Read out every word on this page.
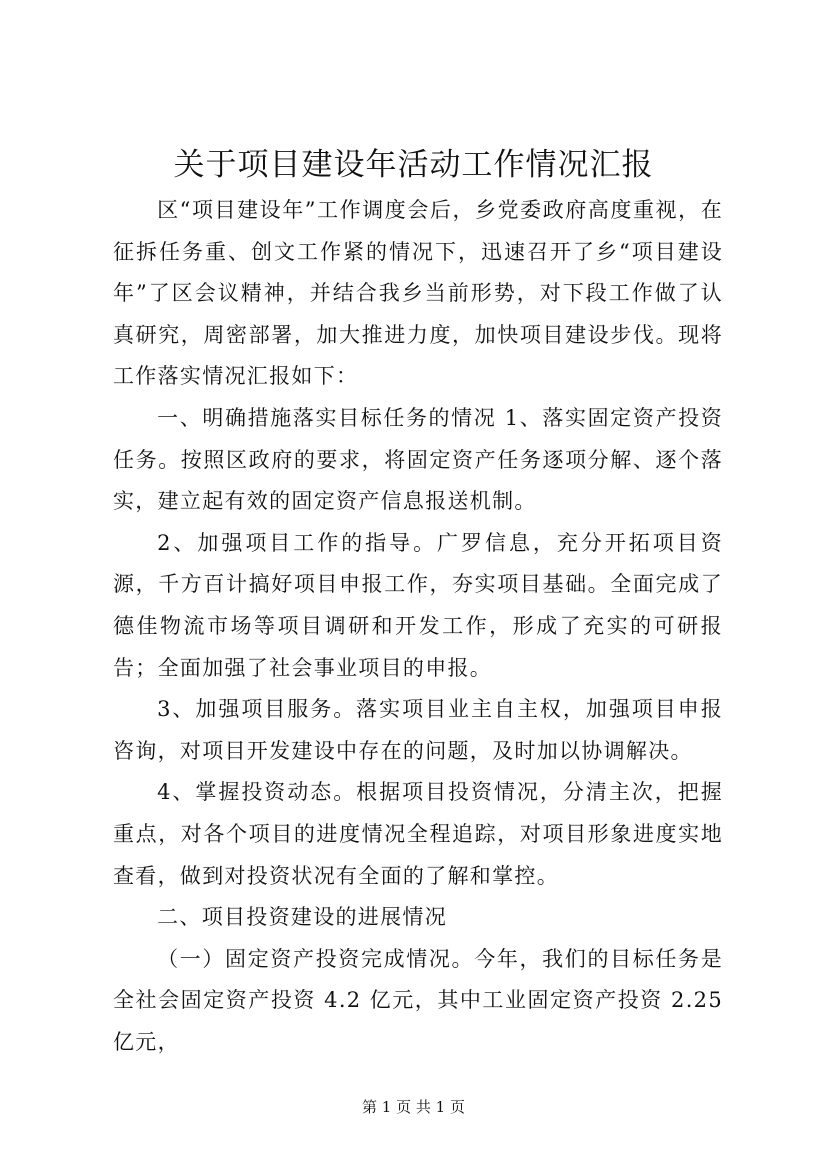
关于项目建设年活动工作情况汇报

区“项目建设年”工作调度会后，乡党委政府高度重视，在征拆任务重、创文工作紧的情况下，迅速召开了乡“项目建设年”了区会议精神，并结合我乡当前形势，对下段工作做了认真研究，周密部署，加大推进力度，加快项目建设步伐。现将工作落实情况汇报如下：

一、明确措施落实目标任务的情况 1、落实固定资产投资任务。按照区政府的要求，将固定资产任务逐项分解、逐个落实，建立起有效的固定资产信息报送机制。

2、加强项目工作的指导。广罗信息，充分开拓项目资源，千方百计搞好项目申报工作，夯实项目基础。全面完成了德佳物流市场等项目调研和开发工作，形成了充实的可研报告；全面加强了社会事业项目的申报。

3、加强项目服务。落实项目业主自主权，加强项目申报咨询，对项目开发建设中存在的问题，及时加以协调解决。

4、掌握投资动态。根据项目投资情况，分清主次，把握重点，对各个项目的进度情况全程追踪，对项目形象进度实地查看，做到对投资状况有全面的了解和掌控。

二、项目投资建设的进展情况

（一）固定资产投资完成情况。今年，我们的目标任务是全社会固定资产投资 4.2 亿元，其中工业固定资产投资 2.25 亿元，

第 1 页 共 1 页
